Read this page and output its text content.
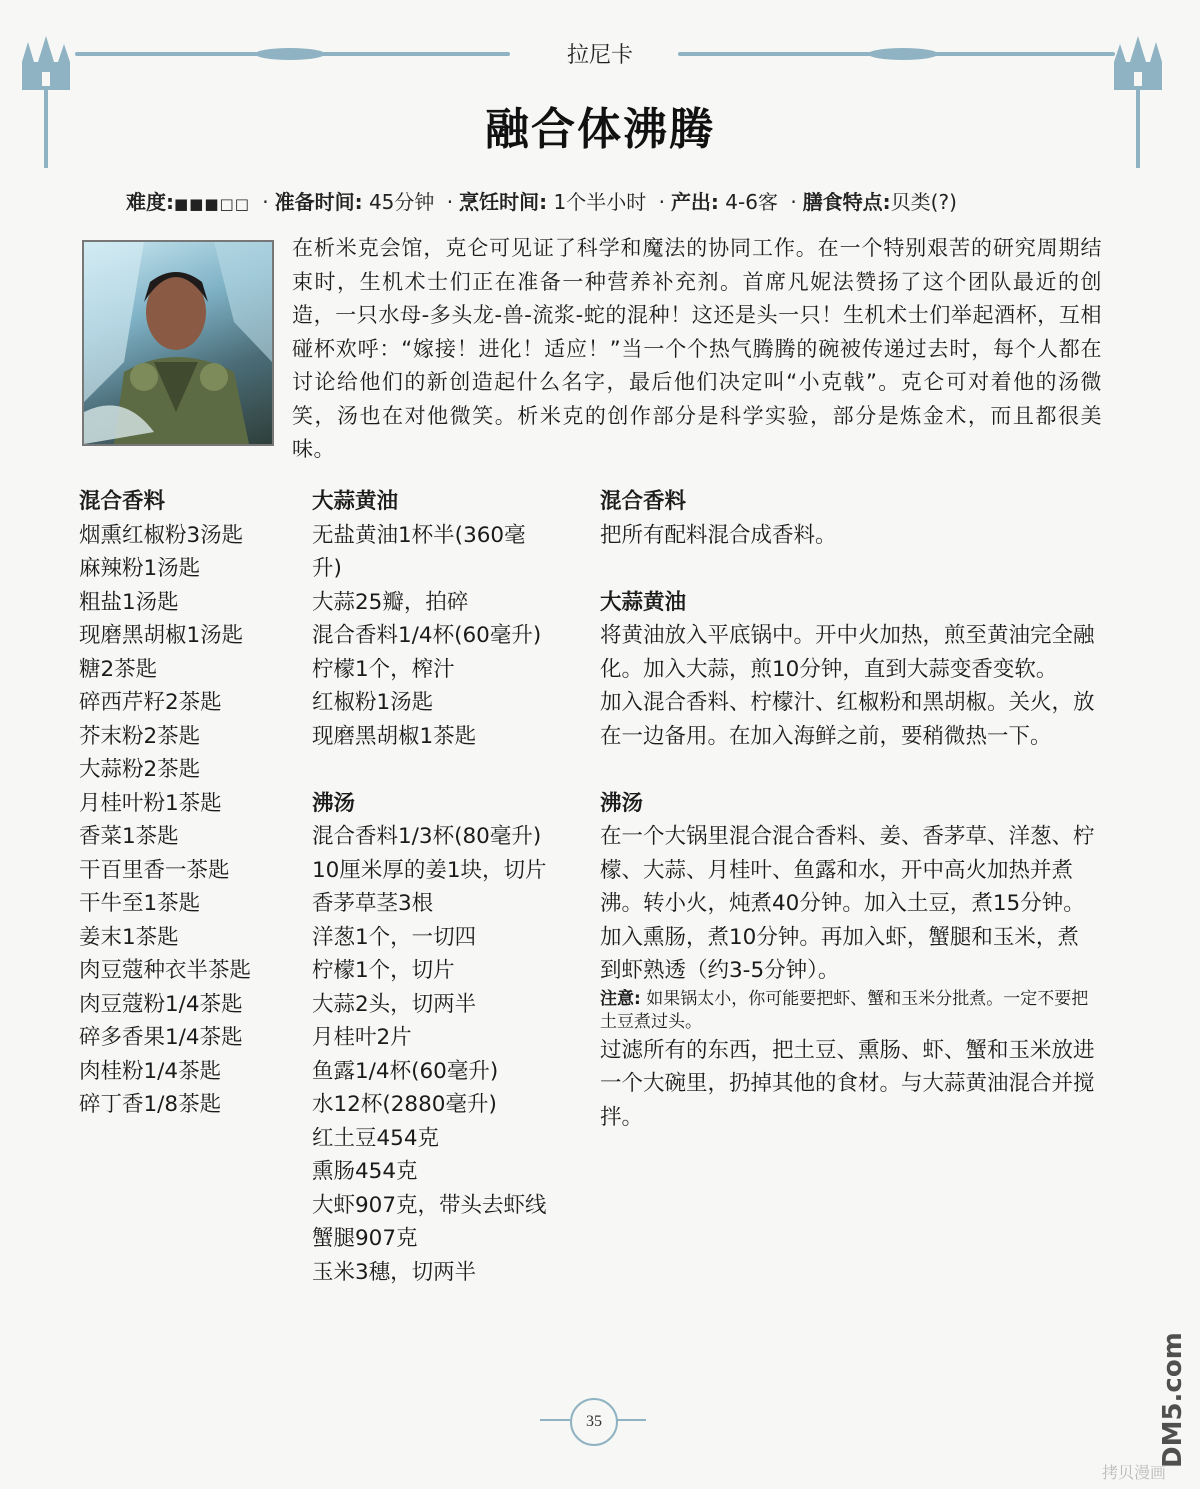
拉尼卡
融合体沸腾
难度:■■■□□ · 准备时间: 45分钟 · 烹饪时间: 1个半小时 · 产出: 4-6客 · 膳食特点:贝类(?)
在析米克会馆，克仑可见证了科学和魔法的协同工作。在一个特别艰苦的研究周期结束时，生机术士们正在准备一种营养补充剂。首席凡妮法赞扬了这个团队最近的创造，一只水母-多头龙-兽-流浆-蛇的混种！这还是头一只！生机术士们举起酒杯，互相碰杯欢呼：“嫁接！进化！适应！”当一个个热气腾腾的碗被传递过去时，每个人都在讨论给他们的新创造起什么名字，最后他们决定叫“小克戟”。克仑可对着他的汤微笑，汤也在对他微笑。析米克的创作部分是科学实验，部分是炼金术，而且都很美味。
混合香料
烟熏红椒粉3汤匙
麻辣粉1汤匙
粗盐1汤匙
现磨黑胡椒1汤匙
糖2茶匙
碎西芹籽2茶匙
芥末粉2茶匙
大蒜粉2茶匙
月桂叶粉1茶匙
香菜1茶匙
干百里香一茶匙
干牛至1茶匙
姜末1茶匙
肉豆蔻种衣半茶匙
肉豆蔻粉1/4茶匙
碎多香果1/4茶匙
肉桂粉1/4茶匙
碎丁香1/8茶匙
大蒜黄油
无盐黄油1杯半(360毫升)
大蒜25瓣，拍碎
混合香料1/4杯(60毫升)
柠檬1个，榨汁
红椒粉1汤匙
现磨黑胡椒1茶匙
沸汤
混合香料1/3杯(80毫升)
10厘米厚的姜1块，切片
香茅草茎3根
洋葱1个，一切四
柠檬1个，切片
大蒜2头，切两半
月桂叶2片
鱼露1/4杯(60毫升)
水12杯(2880毫升)
红土豆454克
熏肠454克
大虾907克，带头去虾线
蟹腿907克
玉米3穗，切两半
混合香料

把所有配料混合成香料。

大蒜黄油

将黄油放入平底锅中。开中火加热，煎至黄油完全融化。加入大蒜，煎10分钟，直到大蒜变香变软。

加入混合香料、柠檬汁、红椒粉和黑胡椒。关火，放在一边备用。在加入海鲜之前，要稍微热一下。

沸汤

在一个大锅里混合混合香料、姜、香茅草、洋葱、柠檬、大蒜、月桂叶、鱼露和水，开中高火加热并煮沸。转小火，炖煮40分钟。加入土豆，煮15分钟。加入熏肠，煮10分钟。再加入虾，蟹腿和玉米，煮到虾熟透（约3-5分钟）。

注意: 如果锅太小，你可能要把虾、蟹和玉米分批煮。一定不要把土豆煮过头。

过滤所有的东西，把土豆、熏肠、虾、蟹和玉米放进一个大碗里，扔掉其他的食材。与大蒜黄油混合并搅拌。

35	DM5.com
拷贝漫画
